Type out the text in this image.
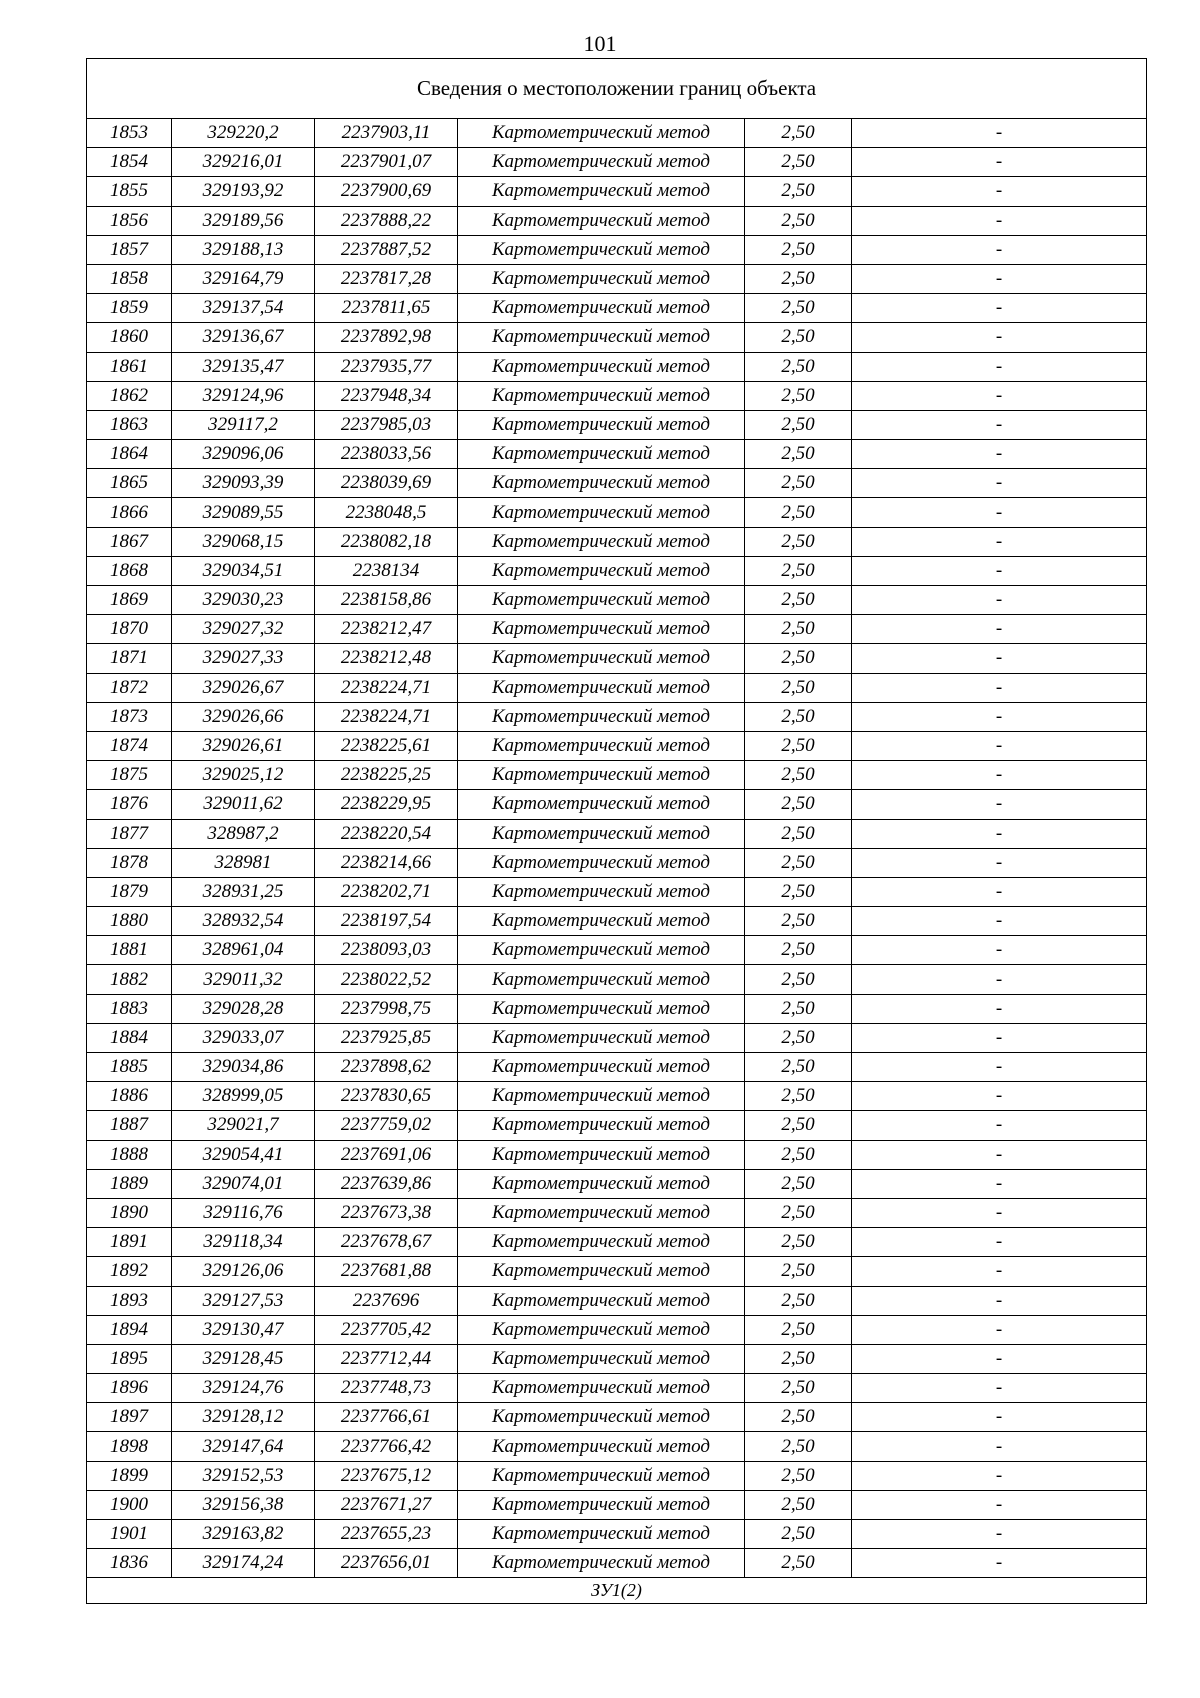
101
Сведения о местоположении границ объекта					
1853	329220,2	2237903,11	Картометрический метод	2,50	-
1854	329216,01	2237901,07	Картометрический метод	2,50	-
1855	329193,92	2237900,69	Картометрический метод	2,50	-
1856	329189,56	2237888,22	Картометрический метод	2,50	-
1857	329188,13	2237887,52	Картометрический метод	2,50	-
1858	329164,79	2237817,28	Картометрический метод	2,50	-
1859	329137,54	2237811,65	Картометрический метод	2,50	-
1860	329136,67	2237892,98	Картометрический метод	2,50	-
1861	329135,47	2237935,77	Картометрический метод	2,50	-
1862	329124,96	2237948,34	Картометрический метод	2,50	-
1863	329117,2	2237985,03	Картометрический метод	2,50	-
1864	329096,06	2238033,56	Картометрический метод	2,50	-
1865	329093,39	2238039,69	Картометрический метод	2,50	-
1866	329089,55	2238048,5	Картометрический метод	2,50	-
1867	329068,15	2238082,18	Картометрический метод	2,50	-
1868	329034,51	2238134	Картометрический метод	2,50	-
1869	329030,23	2238158,86	Картометрический метод	2,50	-
1870	329027,32	2238212,47	Картометрический метод	2,50	-
1871	329027,33	2238212,48	Картометрический метод	2,50	-
1872	329026,67	2238224,71	Картометрический метод	2,50	-
1873	329026,66	2238224,71	Картометрический метод	2,50	-
1874	329026,61	2238225,61	Картометрический метод	2,50	-
1875	329025,12	2238225,25	Картометрический метод	2,50	-
1876	329011,62	2238229,95	Картометрический метод	2,50	-
1877	328987,2	2238220,54	Картометрический метод	2,50	-
1878	328981	2238214,66	Картометрический метод	2,50	-
1879	328931,25	2238202,71	Картометрический метод	2,50	-
1880	328932,54	2238197,54	Картометрический метод	2,50	-
1881	328961,04	2238093,03	Картометрический метод	2,50	-
1882	329011,32	2238022,52	Картометрический метод	2,50	-
1883	329028,28	2237998,75	Картометрический метод	2,50	-
1884	329033,07	2237925,85	Картометрический метод	2,50	-
1885	329034,86	2237898,62	Картометрический метод	2,50	-
1886	328999,05	2237830,65	Картометрический метод	2,50	-
1887	329021,7	2237759,02	Картометрический метод	2,50	-
1888	329054,41	2237691,06	Картометрический метод	2,50	-
1889	329074,01	2237639,86	Картометрический метод	2,50	-
1890	329116,76	2237673,38	Картометрический метод	2,50	-
1891	329118,34	2237678,67	Картометрический метод	2,50	-
1892	329126,06	2237681,88	Картометрический метод	2,50	-
1893	329127,53	2237696	Картометрический метод	2,50	-
1894	329130,47	2237705,42	Картометрический метод	2,50	-
1895	329128,45	2237712,44	Картометрический метод	2,50	-
1896	329124,76	2237748,73	Картометрический метод	2,50	-
1897	329128,12	2237766,61	Картометрический метод	2,50	-
1898	329147,64	2237766,42	Картометрический метод	2,50	-
1899	329152,53	2237675,12	Картометрический метод	2,50	-
1900	329156,38	2237671,27	Картометрический метод	2,50	-
1901	329163,82	2237655,23	Картометрический метод	2,50	-
1836	329174,24	2237656,01	Картометрический метод	2,50	-
ЗУ1(2)					
